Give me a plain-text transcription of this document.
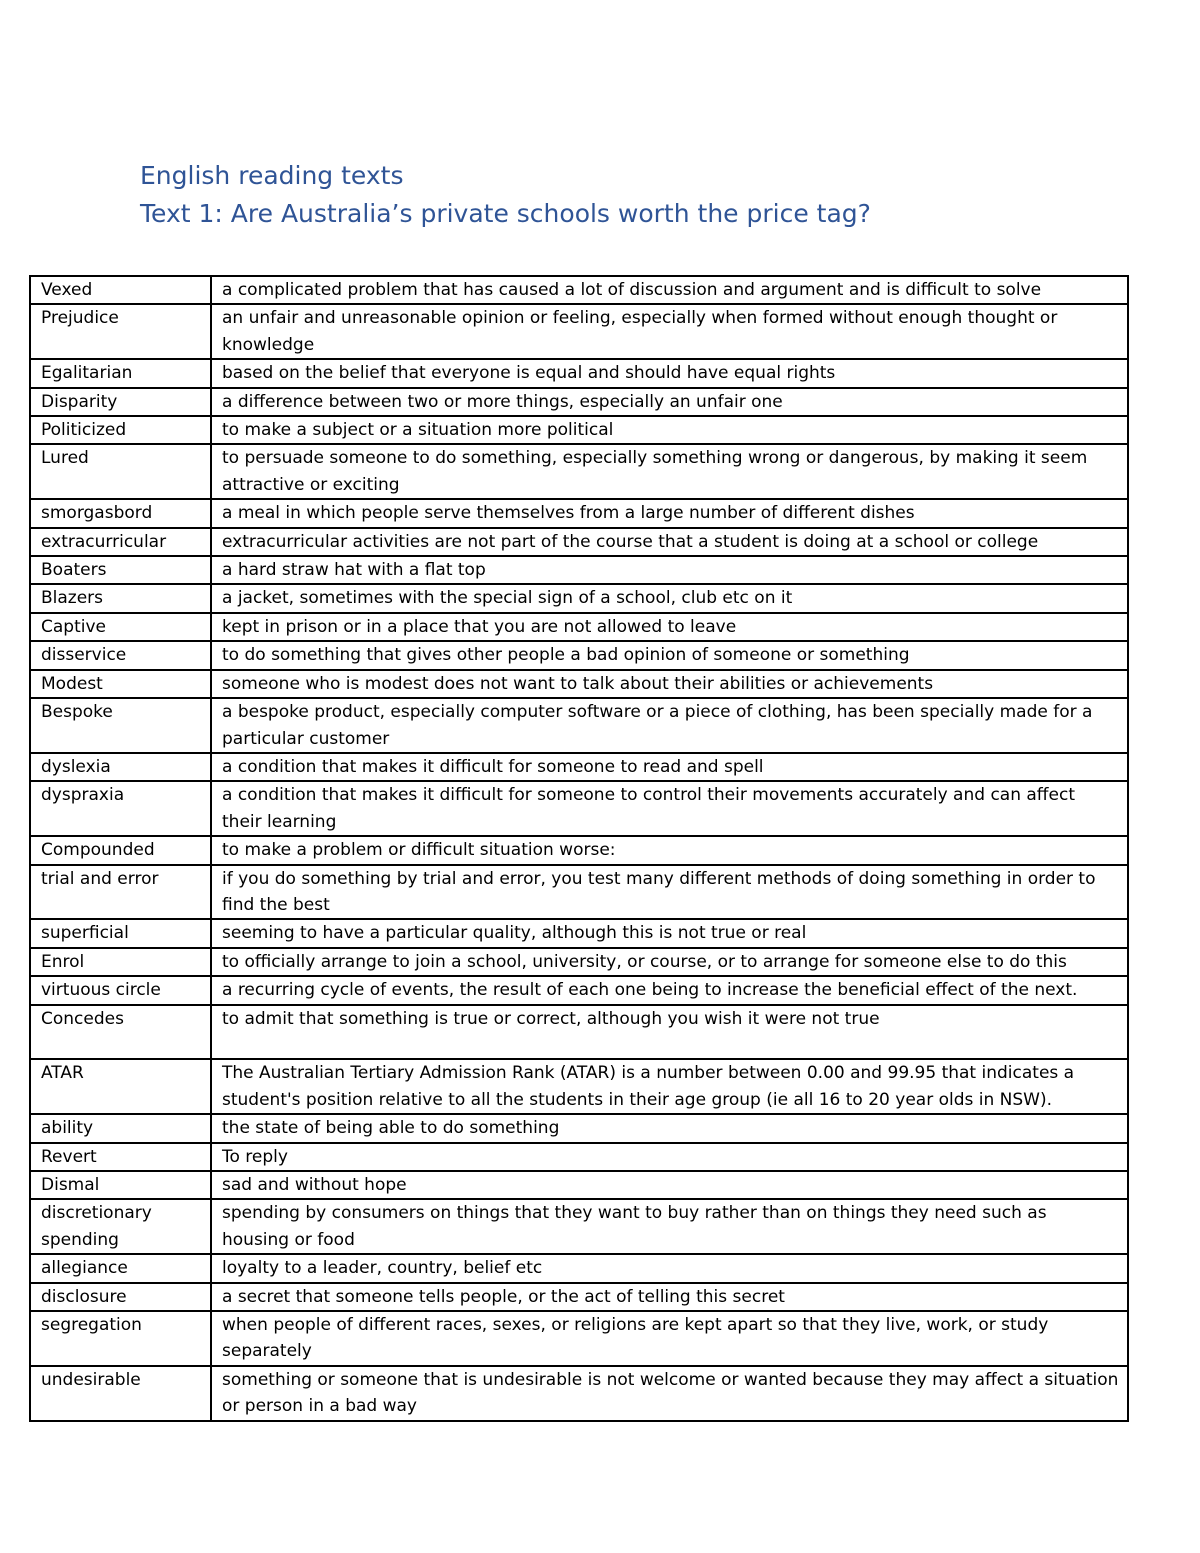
English reading texts
Text 1: Are Australia’s private schools worth the price tag?
Vexed	a complicated problem that has caused a lot of discussion and argument and is difficult to solve
Prejudice	an unfair and unreasonable opinion or feeling, especially when formed without enough thought or knowledge
Egalitarian	based on the belief that everyone is equal and should have equal rights
Disparity	a difference between two or more things, especially an unfair one
Politicized	to make a subject or a situation more political
Lured	to persuade someone to do something, especially something wrong or dangerous, by making it seem attractive or exciting
smorgasbord	a meal in which people serve themselves from a large number of different dishes
extracurricular	extracurricular activities are not part of the course that a student is doing at a school or college
Boaters	a hard straw hat with a flat top
Blazers	a jacket, sometimes with the special sign of a school, club etc on it
Captive	kept in prison or in a place that you are not allowed to leave
disservice	to do something that gives other people a bad opinion of someone or something
Modest	someone who is modest does not want to talk about their abilities or achievements
Bespoke	a bespoke product, especially computer software or a piece of clothing, has been specially made for a particular customer
dyslexia	a condition that makes it difficult for someone to read and spell
dyspraxia	a condition that makes it difficult for someone to control their movements accurately and can affect their learning
Compounded	to make a problem or difficult situation worse:
trial and error	if you do something by trial and error, you test many different methods of doing something in order to find the best
superficial	seeming to have a particular quality, although this is not true or real
Enrol	to officially arrange to join a school, university, or course, or to arrange for someone else to do this
virtuous circle	a recurring cycle of events, the result of each one being to increase the beneficial effect of the next.
Concedes	to admit that something is true or correct, although you wish it were not true
ATAR	The Australian Tertiary Admission Rank (ATAR) is a number between 0.00 and 99.95 that indicates a student's position relative to all the students in their age group (ie all 16 to 20 year olds in NSW).
ability	the state of being able to do something
Revert	To reply
Dismal	sad and without hope
discretionary spending	spending by consumers on things that they want to buy rather than on things they need such as housing or food
allegiance	loyalty to a leader, country, belief etc
disclosure	a secret that someone tells people, or the act of telling this secret
segregation	when people of different races, sexes, or religions are kept apart so that they live, work, or study separately
undesirable	something or someone that is undesirable is not welcome or wanted because they may affect a situation or person in a bad way
